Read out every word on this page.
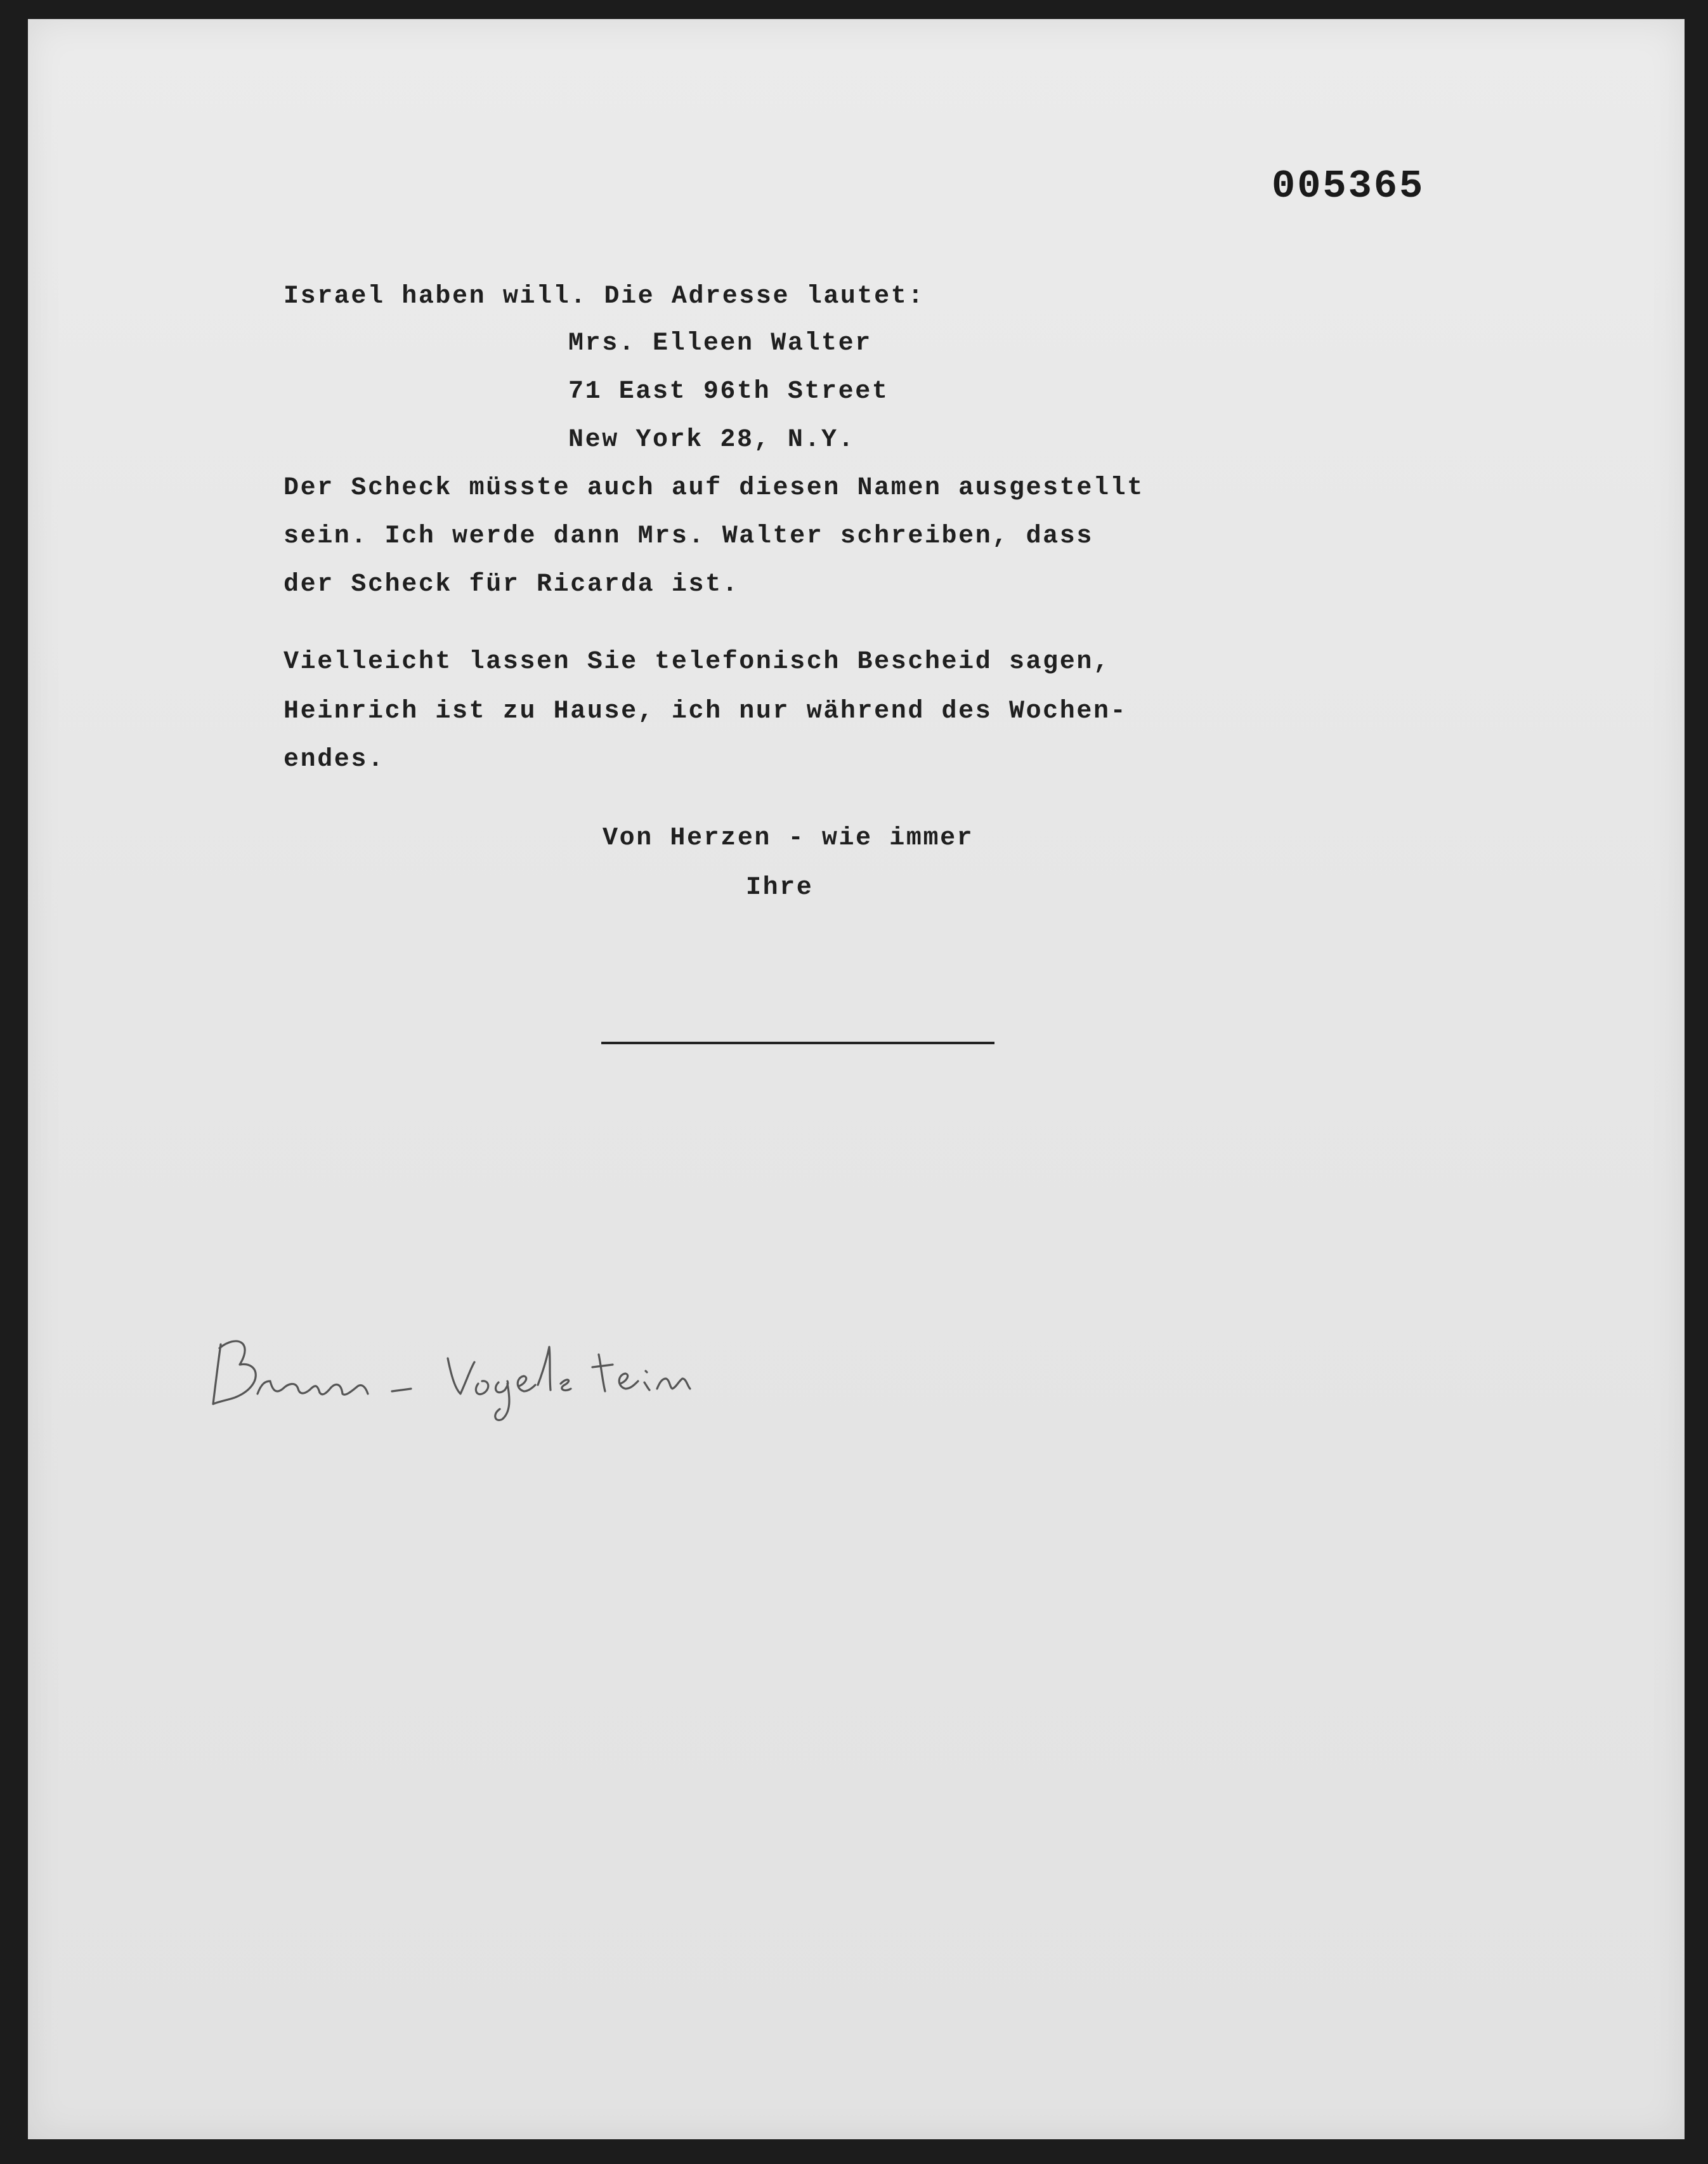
005365
Israel haben will. Die Adresse lautet:
Mrs. Elleen Walter
71 East 96th Street
New York 28, N.Y.
Der Scheck müsste auch auf diesen Namen ausgestellt
sein. Ich werde dann Mrs. Walter schreiben, dass
der Scheck für Ricarda ist.
Vielleicht lassen Sie telefonisch Bescheid sagen,
Heinrich ist zu Hause, ich nur während des Wochen-
endes.
Von Herzen - wie immer
Ihre
